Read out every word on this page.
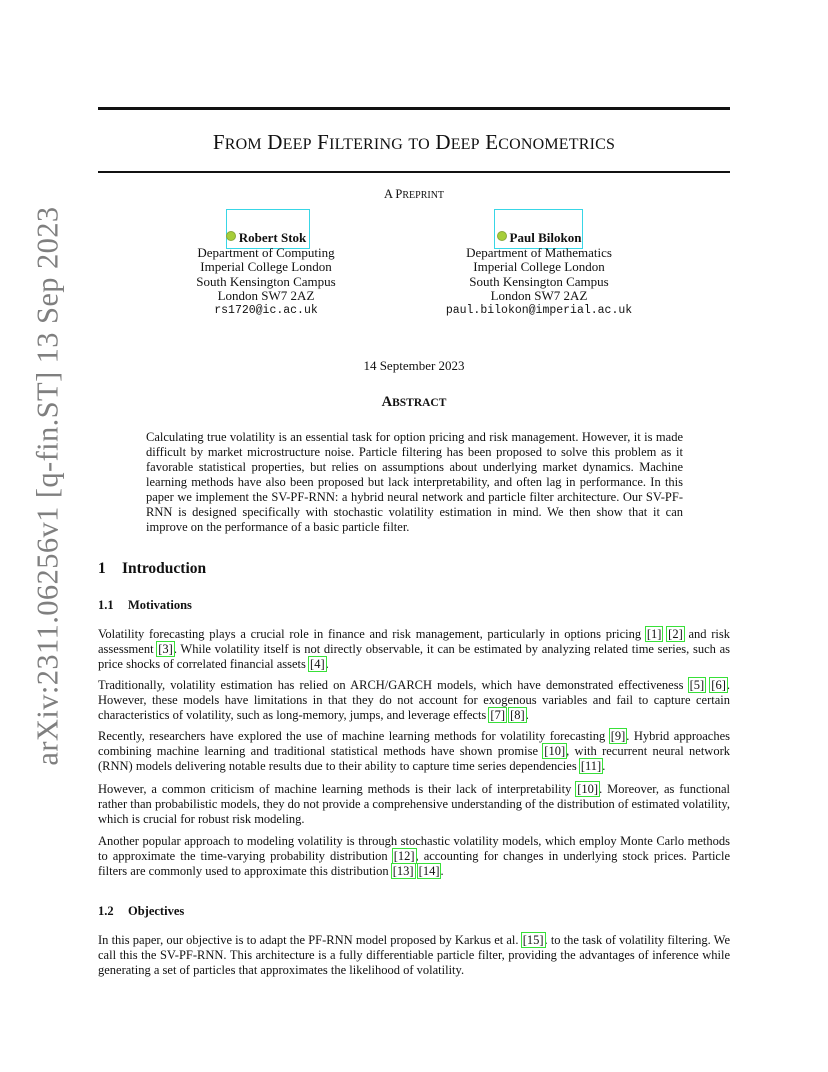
arXiv:2311.06256v1 [q-fin.ST] 13 Sep 2023
FROM DEEP FILTERING TO DEEP ECONOMETRICS
A PREPRINT
Robert Stok
Department of Computing
Imperial College London
South Kensington Campus
London SW7 2AZ
rs1720@ic.ac.uk
Paul Bilokon
Department of Mathematics
Imperial College London
South Kensington Campus
London SW7 2AZ
paul.bilokon@imperial.ac.uk
14 September 2023
ABSTRACT
Calculating true volatility is an essential task for option pricing and risk management. However, it is made difficult by market microstructure noise. Particle filtering has been proposed to solve this problem as it favorable statistical properties, but relies on assumptions about underlying market dynamics. Machine learning methods have also been proposed but lack interpretability, and often lag in performance. In this paper we implement the SV-PF-RNN: a hybrid neural network and particle filter architecture. Our SV-PF-RNN is designed specifically with stochastic volatility estimation in mind. We then show that it can improve on the performance of a basic particle filter.
1 Introduction
1.1 Motivations

Volatility forecasting plays a crucial role in finance and risk management, particularly in options pricing [1] [2] and risk assessment [3]. While volatility itself is not directly observable, it can be estimated by analyzing related time series, such as price shocks of correlated financial assets [4].

Traditionally, volatility estimation has relied on ARCH/GARCH models, which have demonstrated effectiveness [5] [6]. However, these models have limitations in that they do not account for exogenous variables and fail to capture certain characteristics of volatility, such as long-memory, jumps, and leverage effects [7] [8].

Recently, researchers have explored the use of machine learning methods for volatility forecasting [9]. Hybrid approaches combining machine learning and traditional statistical methods have shown promise [10], with recurrent neural network (RNN) models delivering notable results due to their ability to capture time series dependencies [11].

However, a common criticism of machine learning methods is their lack of interpretability [10]. Moreover, as functional rather than probabilistic models, they do not provide a comprehensive understanding of the distribution of estimated volatility, which is crucial for robust risk modeling.

Another popular approach to modeling volatility is through stochastic volatility models, which employ Monte Carlo methods to approximate the time-varying probability distribution [12], accounting for changes in underlying stock prices. Particle filters are commonly used to approximate this distribution [13] [14].

1.2 Objectives

In this paper, our objective is to adapt the PF-RNN model proposed by Karkus et al. [15]. to the task of volatility filtering. We call this the SV-PF-RNN. This architecture is a fully differentiable particle filter, providing the advantages of inference while generating a set of particles that approximates the likelihood of volatility.
